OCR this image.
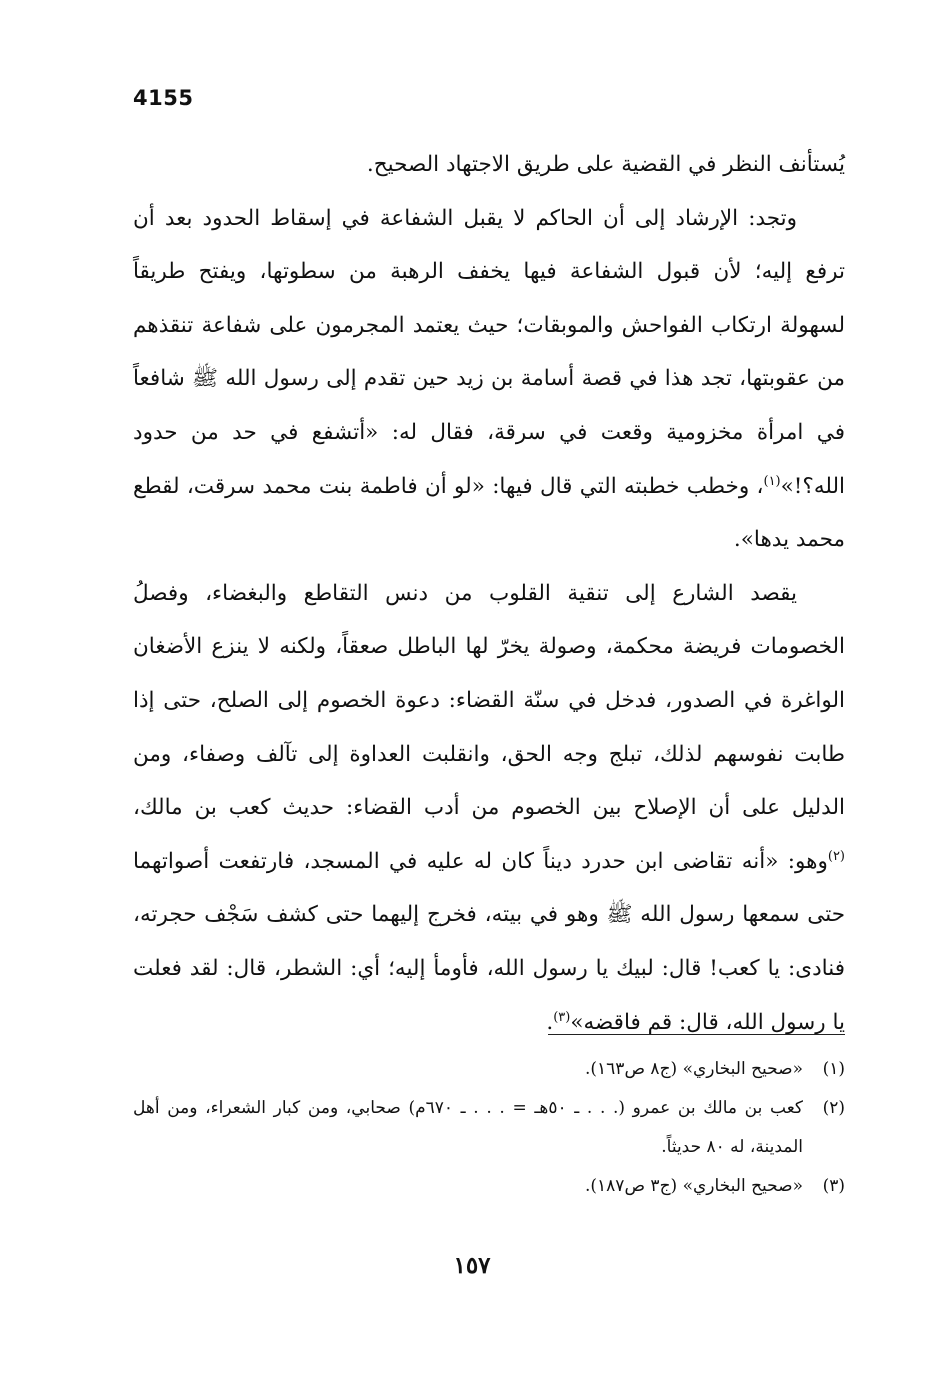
4155

يُستأنف النظر في القضية على طريق الاجتهاد الصحيح.

وتجد: الإرشاد إلى أن الحاكم لا يقبل الشفاعة في إسقاط الحدود بعد أن ترفع إليه؛ لأن قبول الشفاعة فيها يخفف الرهبة من سطوتها، ويفتح طريقاً لسهولة ارتكاب الفواحش والموبقات؛ حيث يعتمد المجرمون على شفاعة تنقذهم من عقوبتها، تجد هذا في قصة أسامة بن زيد حين تقدم إلى رسول الله ﷺ شافعاً في امرأة مخزومية وقعت في سرقة، فقال له: «أتشفع في حد من حدود الله؟!»$^{(١)}$، وخطب خطبته التي قال فيها: «لو أن فاطمة بنت محمد سرقت، لقطع محمد يدها».

يقصد الشارع إلى تنقية القلوب من دنس التقاطع والبغضاء، وفصلُ الخصومات فريضة محكمة، وصولة يخرّ لها الباطل صعقاً، ولكنه لا ينزع الأضغان الواغرة في الصدور، فدخل في سنّة القضاء: دعوة الخصوم إلى الصلح، حتى إذا طابت نفوسهم لذلك، تبلج وجه الحق، وانقلبت العداوة إلى تآلف وصفاء، ومن الدليل على أن الإصلاح بين الخصوم من أدب القضاء: حديث كعب بن مالك، $^{(٢)}$وهو: «أنه تقاضى ابن حدرد ديناً كان له عليه في المسجد، فارتفعت أصواتهما حتى سمعها رسول الله ﷺ وهو في بيته، فخرج إليهما حتى كشف سَجْف حجرته، فنادى: يا كعب! قال: لبيك يا رسول الله، فأومأ إليه؛ أي: الشطر، قال: لقد فعلت يا رسول الله، قال: قم فاقضه»$^{(٣)}$.

(١)
«صحيح البخاري» (ج٨ ص١٦٣).
(٢)
كعب بن مالك بن عمرو (. . . ـ ٥٠هـ = . . . ـ ٦٧٠م) صحابي، ومن كبار الشعراء، ومن أهل المدينة، له ٨٠ حديثاً.
(٣)
«صحيح البخاري» (ج٣ ص١٨٧).
١٥٧
